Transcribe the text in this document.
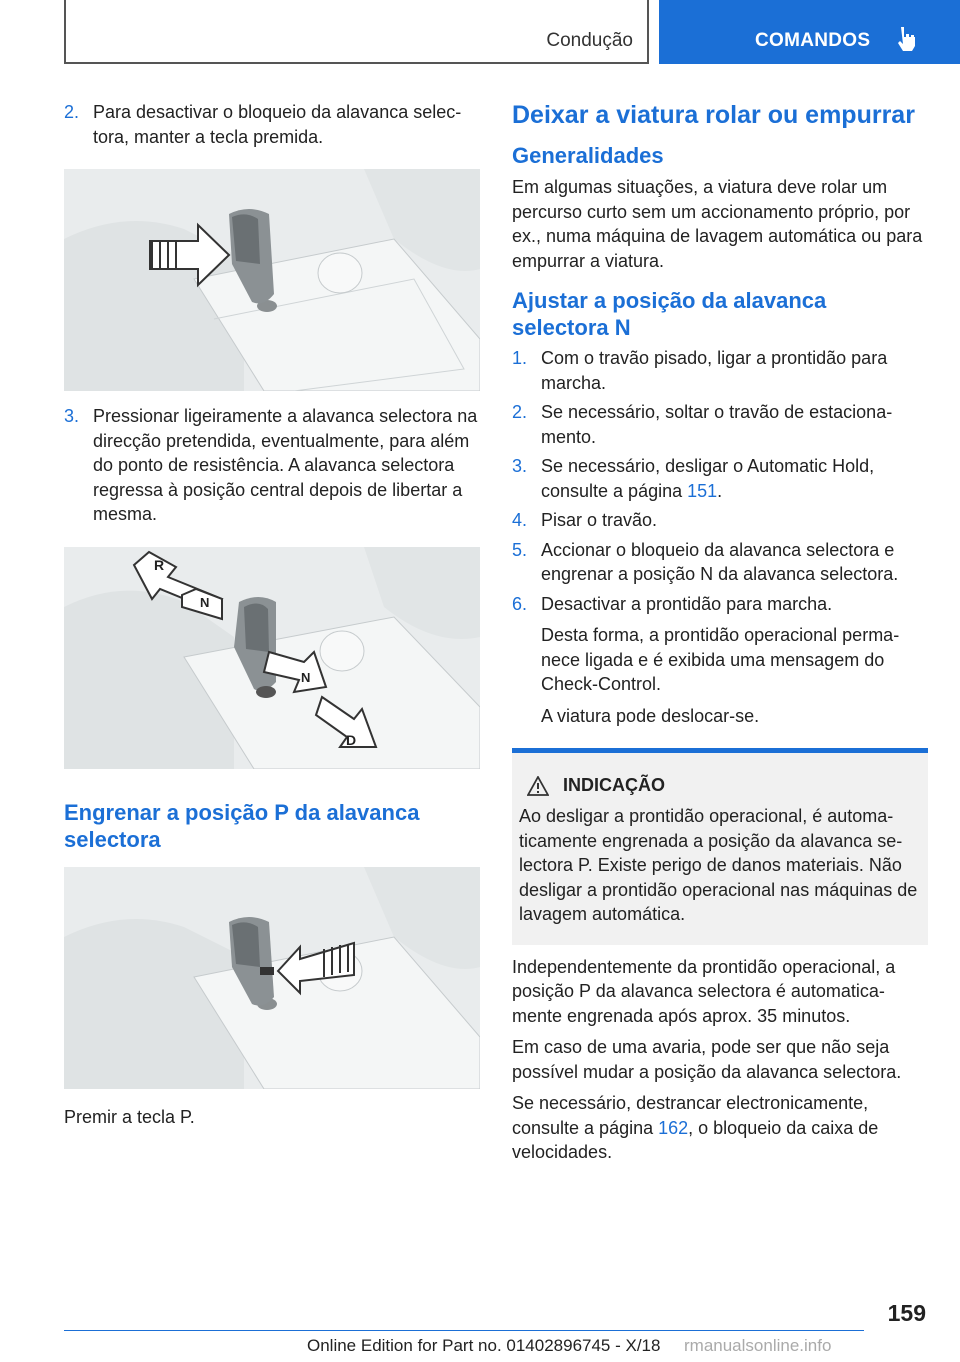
Condução	COMANDOS
2. Para desactivar o bloqueio da alavanca selectora, manter a tecla premida.
3. Pressionar ligeiramente a alavanca selectora na direcção pretendida, eventualmente, para além do ponto de resistência. A alavanca selectora regressa à posição central depois de libertar a mesma.
R
N
N
D
Engrenar a posição P da alavanca selectora

Premir a tecla P.

Deixar a viatura rolar ou empurrar
Generalidades

Em algumas situações, a viatura deve rolar um percurso curto sem um accionamento próprio, por ex., numa máquina de lavagem automática ou para empurrar a viatura.

Ajustar a posição da alavanca selectora N
1. Com o travão pisado, ligar a prontidão para marcha.
2. Se necessário, soltar o travão de estacionamento.
3. Se necessário, desligar o Automatic Hold, consulte a página 151.
4. Pisar o travão.
5. Accionar o bloqueio da alavanca selectora e engrenar a posição N da alavanca selectora.
6. Desactivar a prontidão para marcha.

Desta forma, a prontidão operacional permanece ligada e é exibida uma mensagem do Check-Control.

A viatura pode deslocar-se.

INDICAÇÃO

Ao desligar a prontidão operacional, é automaticamente engrenada a posição da alavanca selectora P. Existe perigo de danos materiais. Não desligar a prontidão operacional nas máquinas de lavagem automática.

Independentemente da prontidão operacional, a posição P da alavanca selectora é automaticamente engrenada após aprox. 35 minutos.

Em caso de uma avaria, pode ser que não seja possível mudar a posição da alavanca selectora.

Se necessário, destrancar electronicamente, consulte a página 162, o bloqueio da caixa de velocidades.

159
Online Edition for Part no. 01402896745 - X/18 rmanualsonline.info
